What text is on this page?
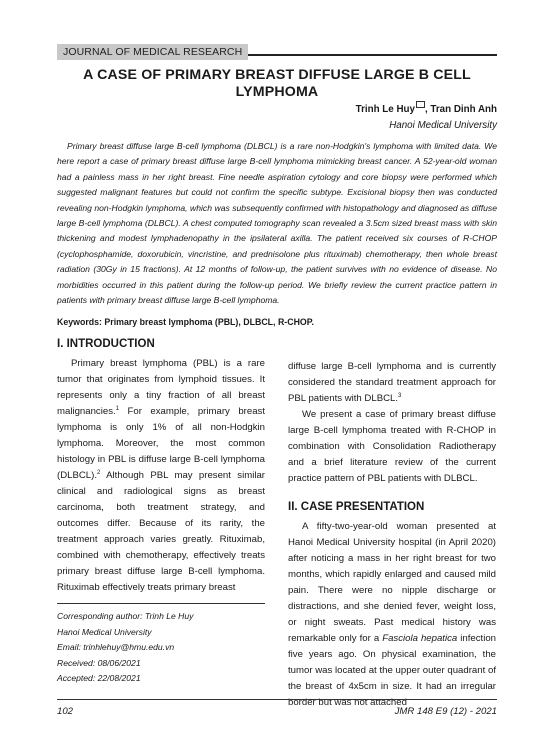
JOURNAL OF MEDICAL RESEARCH
A CASE OF PRIMARY BREAST DIFFUSE LARGE B CELL LYMPHOMA
Trinh Le Huy , Tran Dinh Anh
Hanoi Medical University
Primary breast diffuse large B-cell lymphoma (DLBCL) is a rare non-Hodgkin's lymphoma with limited data. We here report a case of primary breast diffuse large B-cell lymphoma mimicking breast cancer. A 52-year-old woman had a painless mass in her right breast. Fine needle aspiration cytology and core biopsy were performed which suggested malignant features but could not confirm the specific subtype. Excisional biopsy then was conducted revealing non-Hodgkin lymphoma, which was subsequently confirmed with histopathology and diagnosed as diffuse large B-cell lymphoma (DLBCL). A chest computed tomography scan revealed a 3.5cm sized breast mass with skin thickening and modest lymphadenopathy in the ipsilateral axilla. The patient received six courses of R-CHOP (cyclophosphamide, doxorubicin, vincristine, and prednisolone plus rituximab) chemotherapy, then whole breast radiation (30Gy in 15 fractions). At 12 months of follow-up, the patient survives with no evidence of disease. No morbidities occurred in this patient during the follow-up period. We briefly review the current practice pattern in patients with primary breast diffuse large B-cell lymphoma.
Keywords: Primary breast lymphoma (PBL), DLBCL, R-CHOP.
I. INTRODUCTION

Primary breast lymphoma (PBL) is a rare tumor that originates from lymphoid tissues. It represents only a tiny fraction of all breast malignancies.$^1$ For example, primary breast lymphoma is only 1% of all non-Hodgkin lymphoma. Moreover, the most common histology in PBL is diffuse large B-cell lymphoma (DLBCL).$^2$ Although PBL may present similar clinical and radiological signs as breast carcinoma, both treatment strategy, and outcomes differ. Because of its rarity, the treatment approach varies greatly. Rituximab, combined with chemotherapy, effectively treats primary breast diffuse large B-cell lymphoma. Rituximab effectively treats primary breast

diffuse large B-cell lymphoma and is currently considered the standard treatment approach for PBL patients with DLBCL.$^3$

We present a case of primary breast diffuse large B-cell lymphoma treated with R-CHOP in combination with Consolidation Radiotherapy and a brief literature review of the current practice pattern of PBL patients with DLBCL.

II. CASE PRESENTATION

A fifty-two-year-old woman presented at Hanoi Medical University hospital (in April 2020) after noticing a mass in her right breast for two months, which rapidly enlarged and caused mild pain. There were no nipple discharge or distractions, and she denied fever, weight loss, or night sweats. Past medical history was remarkable only for a Fasciola hepatica infection five years ago. On physical examination, the tumor was located at the upper outer quadrant of the breast of 4x5cm in size. It had an irregular border but was not attached

Corresponding author: Trinh Le Huy
Hanoi Medical University
Email: trinhlehuy@hmu.edu.vn
Received: 08/06/2021
Accepted: 22/08/2021
102	JMR 148 E9 (12) - 2021
